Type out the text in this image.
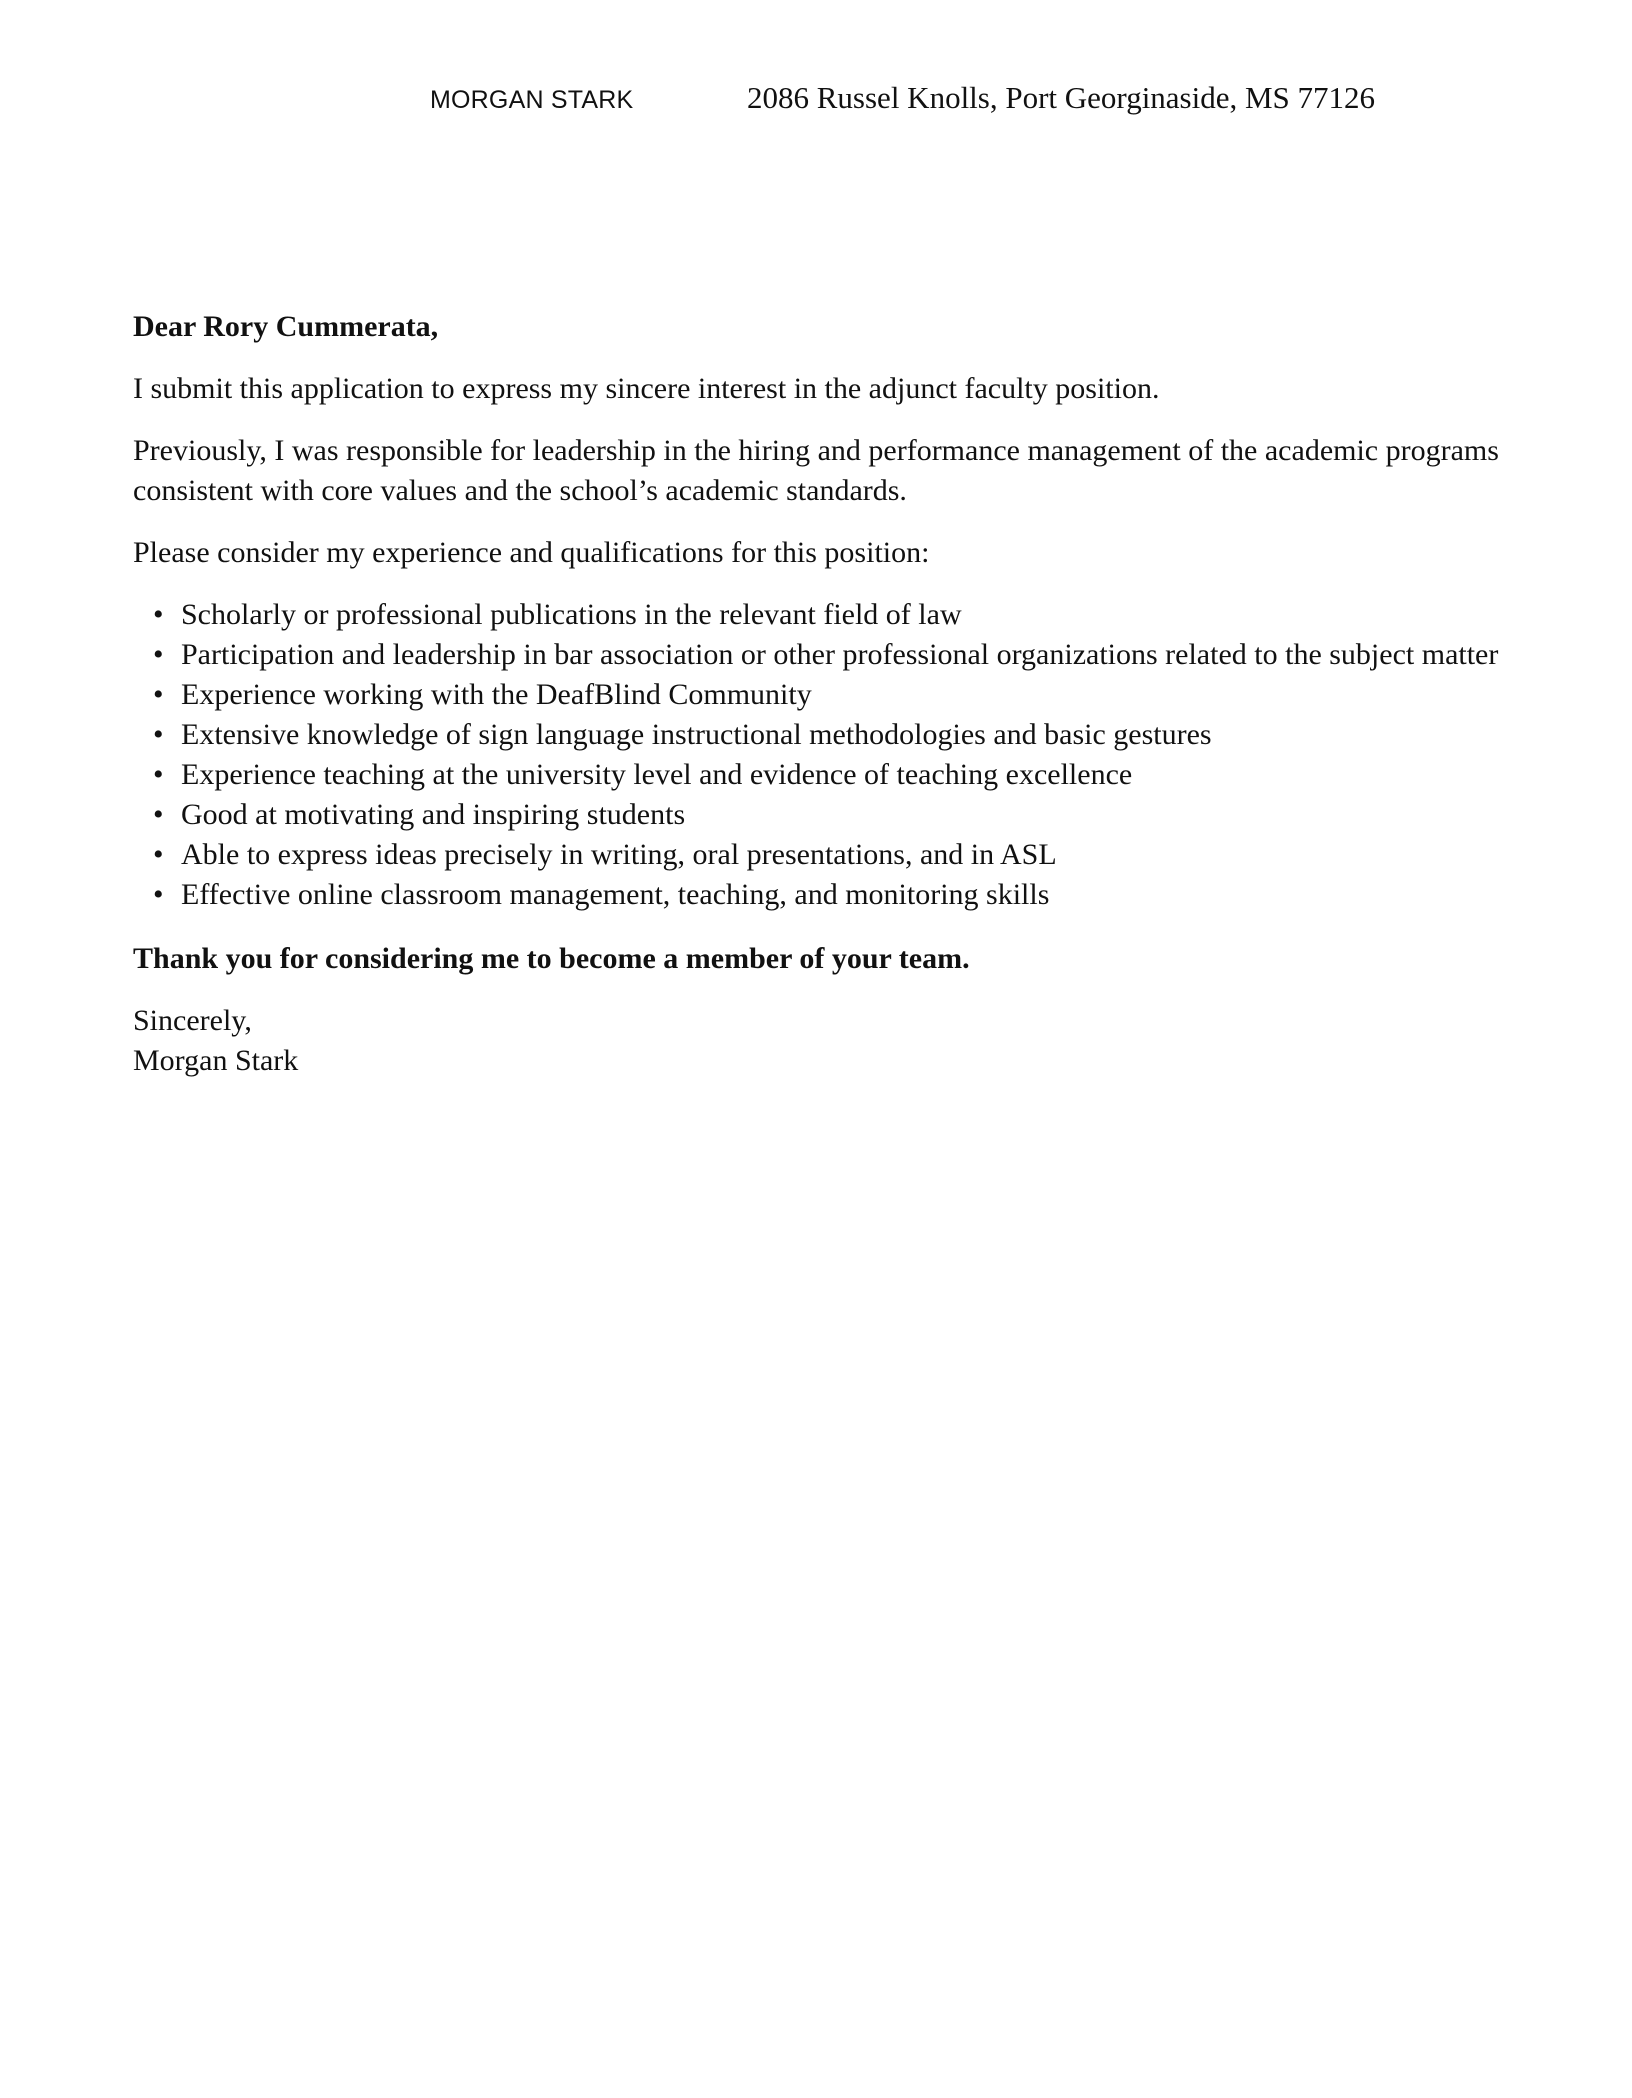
MORGAN STARK	2086 Russel Knolls, Port Georginaside, MS 77126

Dear Rory Cummerata,

I submit this application to express my sincere interest in the adjunct faculty position.

Previously, I was responsible for leadership in the hiring and performance management of the academic programs consistent with core values and the school’s academic standards.

Please consider my experience and qualifications for this position:

• Scholarly or professional publications in the relevant field of law
• Participation and leadership in bar association or other professional organizations related to the subject matter
• Experience working with the DeafBlind Community
• Extensive knowledge of sign language instructional methodologies and basic gestures
• Experience teaching at the university level and evidence of teaching excellence
• Good at motivating and inspiring students
• Able to express ideas precisely in writing, oral presentations, and in ASL
• Effective online classroom management, teaching, and monitoring skills

Thank you for considering me to become a member of your team.

Sincerely,

Morgan Stark
